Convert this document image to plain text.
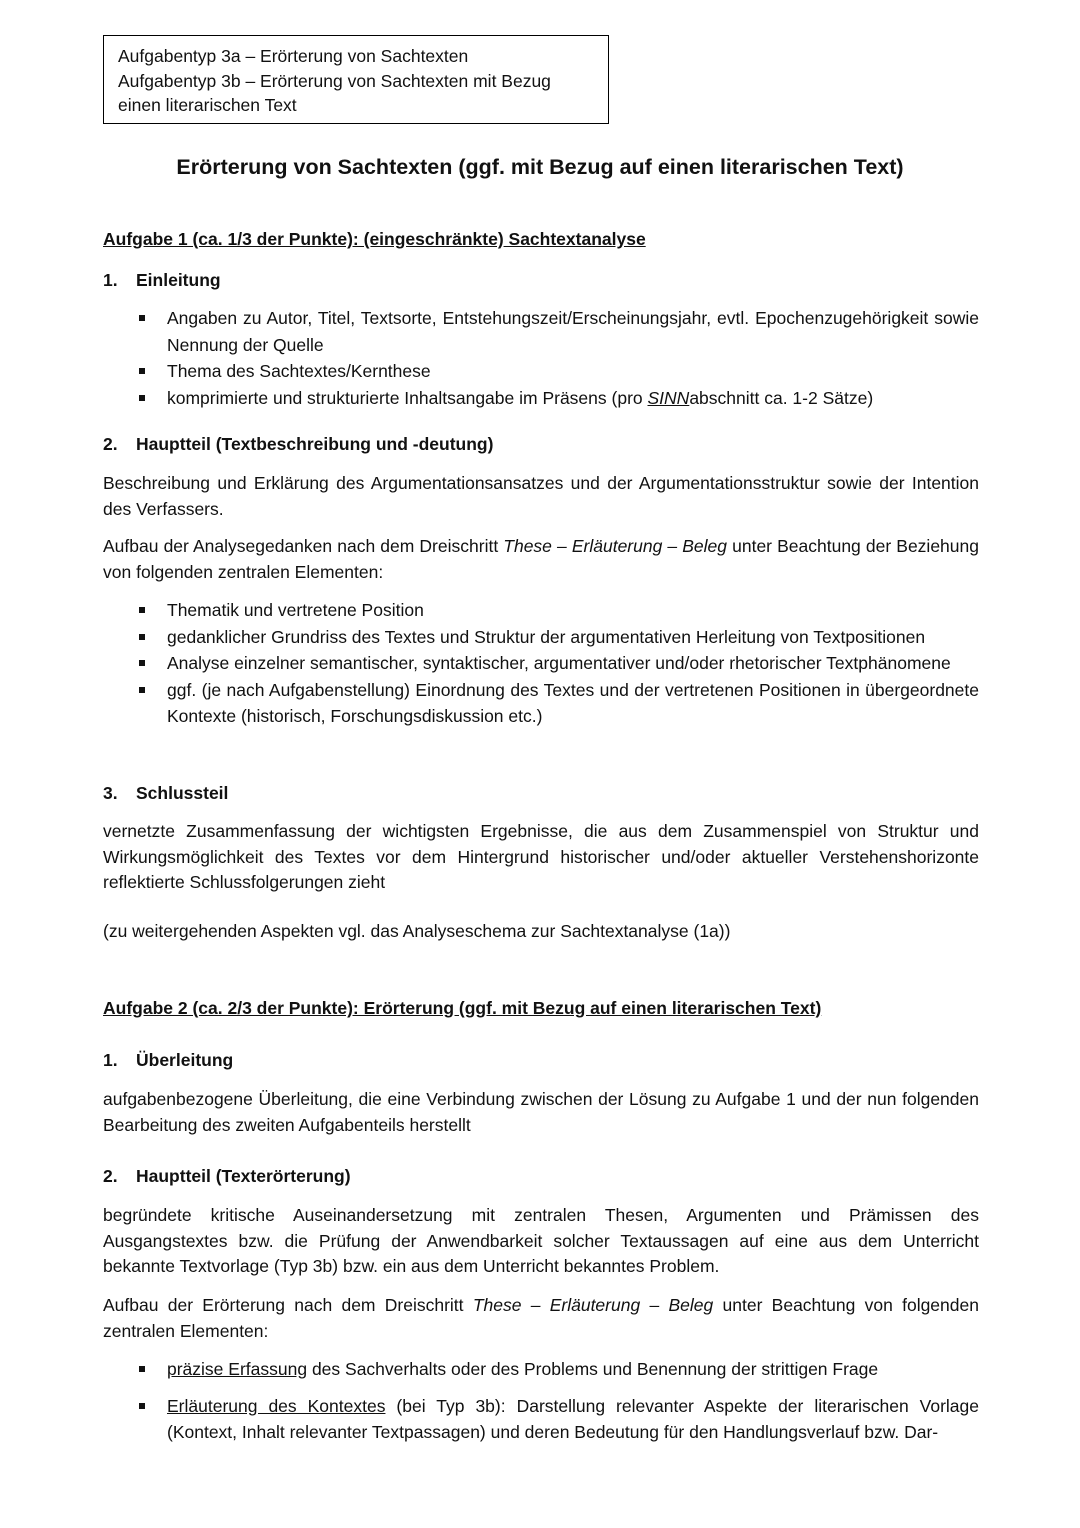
Aufgabentyp 3a – Erörterung von Sachtexten
Aufgabentyp 3b – Erörterung von Sachtexten mit Bezug
einen literarischen Text
Erörterung von Sachtexten (ggf. mit Bezug auf einen literarischen Text)
Aufgabe 1 (ca. 1/3 der Punkte): (eingeschränkte) Sachtextanalyse
1. Einleitung
Angaben zu Autor, Titel, Textsorte, Entstehungszeit/Erscheinungsjahr, evtl. Epochenzugehörigkeit sowie Nennung der Quelle
Thema des Sachtextes/Kernthese
komprimierte und strukturierte Inhaltsangabe im Präsens (pro SINNabschnitt ca. 1-2 Sätze)
2. Hauptteil (Textbeschreibung und -deutung)

Beschreibung und Erklärung des Argumentationsansatzes und der Argumentationsstruktur sowie der Intention des Verfassers.

Aufbau der Analysegedanken nach dem Dreischritt These – Erläuterung – Beleg unter Beachtung der Beziehung von folgenden zentralen Elementen:

Thematik und vertretene Position
gedanklicher Grundriss des Textes und Struktur der argumentativen Herleitung von Textpositionen
Analyse einzelner semantischer, syntaktischer, argumentativer und/oder rhetorischer Textphänomene
ggf. (je nach Aufgabenstellung) Einordnung des Textes und der vertretenen Positionen in übergeordnete Kontexte (historisch, Forschungsdiskussion etc.)
3. Schlussteil

vernetzte Zusammenfassung der wichtigsten Ergebnisse, die aus dem Zusammenspiel von Struktur und Wirkungsmöglichkeit des Textes vor dem Hintergrund historischer und/oder aktueller Verstehenshorizonte reflektierte Schlussfolgerungen zieht

(zu weitergehenden Aspekten vgl. das Analyseschema zur Sachtextanalyse (1a))

Aufgabe 2 (ca. 2/3 der Punkte): Erörterung (ggf. mit Bezug auf einen literarischen Text)
1. Überleitung

aufgabenbezogene Überleitung, die eine Verbindung zwischen der Lösung zu Aufgabe 1 und der nun folgenden Bearbeitung des zweiten Aufgabenteils herstellt

2. Hauptteil (Texterörterung)

begründete kritische Auseinandersetzung mit zentralen Thesen, Argumenten und Prämissen des Ausgangstextes bzw. die Prüfung der Anwendbarkeit solcher Textaussagen auf eine aus dem Unterricht bekannte Textvorlage (Typ 3b) bzw. ein aus dem Unterricht bekanntes Problem.

Aufbau der Erörterung nach dem Dreischritt These – Erläuterung – Beleg unter Beachtung von folgenden zentralen Elementen:

präzise Erfassung des Sachverhalts oder des Problems und Benennung der strittigen Frage
Erläuterung des Kontextes (bei Typ 3b): Darstellung relevanter Aspekte der literarischen Vorlage (Kontext, Inhalt relevanter Textpassagen) und deren Bedeutung für den Handlungsverlauf bzw. Dar-
